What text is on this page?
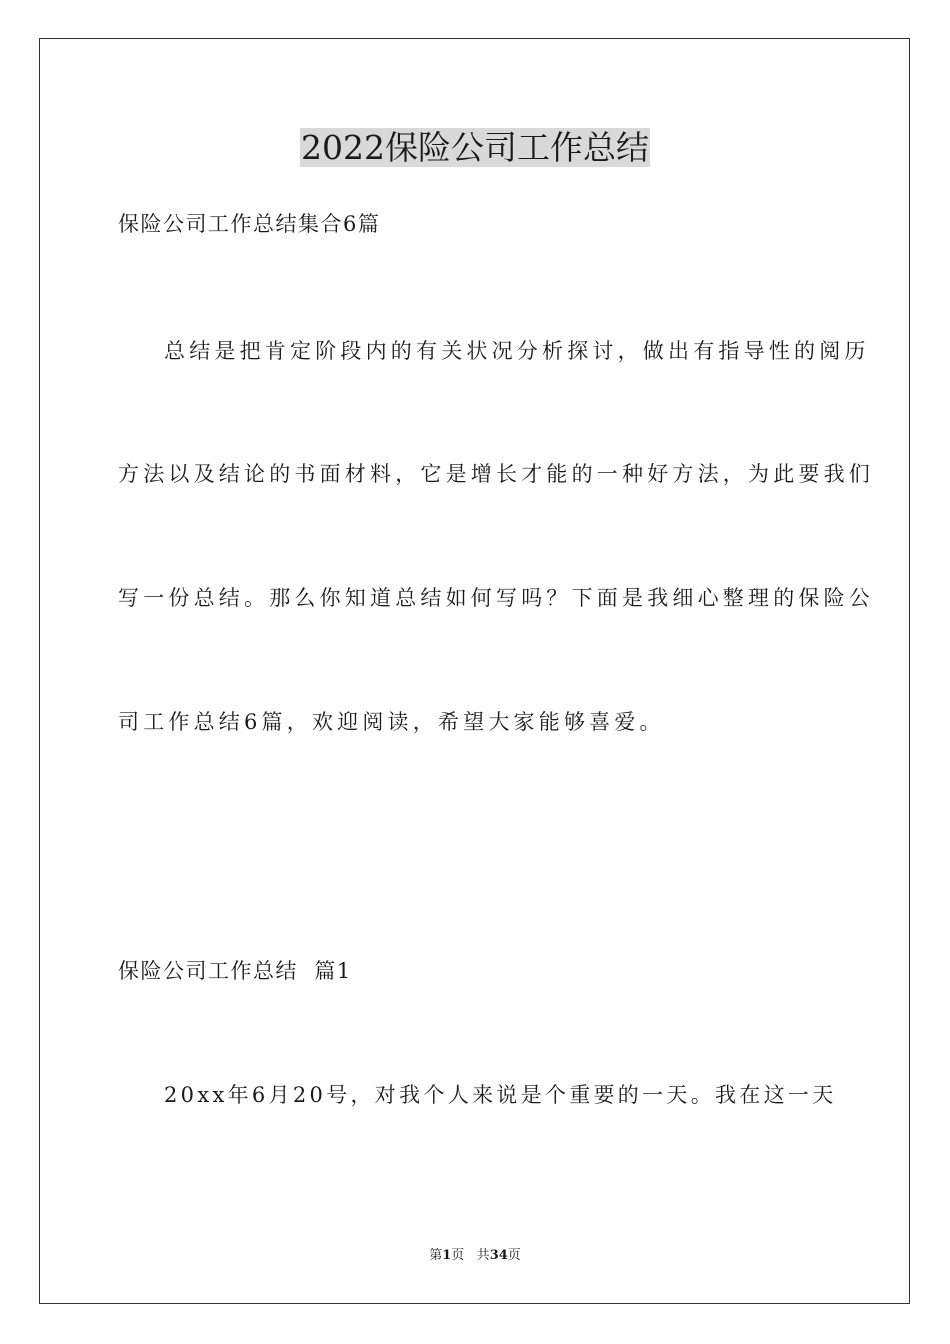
2022保险公司工作总结
保险公司工作总结集合6篇
总结是把肯定阶段内的有关状况分析探讨，做出有指导性的阅历
方法以及结论的书面材料，它是增长才能的一种好方法，为此要我们
写一份总结。那么你知道总结如何写吗？下面是我细心整理的保险公
司工作总结6篇，欢迎阅读，希望大家能够喜爱。
保险公司工作总结  篇1
20xx年6月20号，对我个人来说是个重要的一天。我在这一天
第1页 共34页
